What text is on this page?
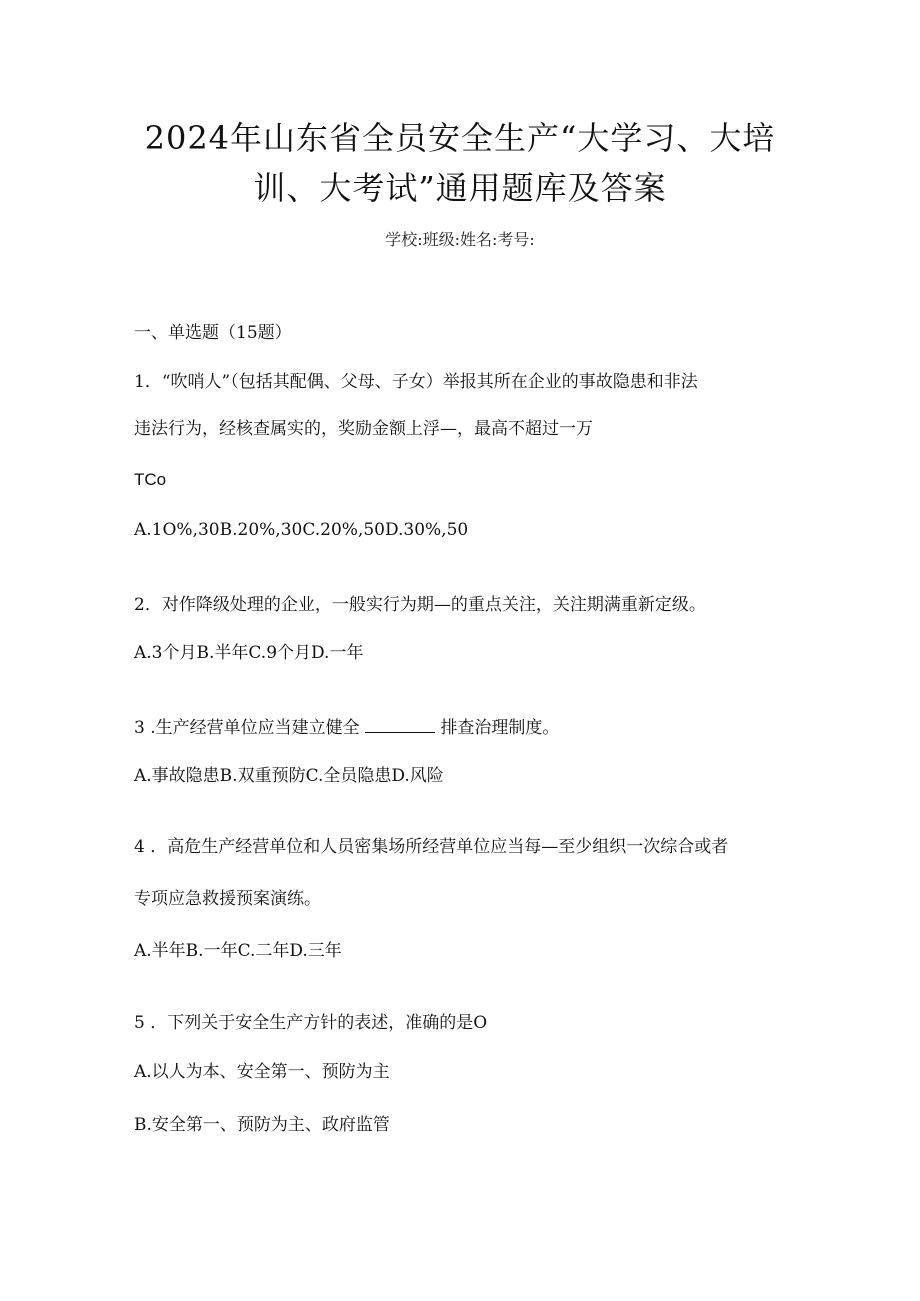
2024年山东省全员安全生产“大学习、大培
训、大考试”通用题库及答案
学校:班级:姓名:考号:
一、单选题（15题）
1．“吹哨人”（包括其配偶、父母、子女）举报其所在企业的事故隐患和非法
违法行为，经核查属实的，奖励金额上浮—，最高不超过一万
TCo
A.1O%,30B.20%,30C.20%,50D.30%,50
2．对作降级处理的企业，一般实行为期—的重点关注，关注期满重新定级。
A.3个月B.半年C.9个月D.一年
3 .生产经营单位应当建立健全	排查治理制度。
A.事故隐患B.双重预防C.全员隐患D.风险
4 ．高危生产经营单位和人员密集场所经营单位应当每—至少组织一次综合或者
专项应急救援预案演练。
A.半年B.一年C.二年D.三年
5 ．下列关于安全生产方针的表述，准确的是O
A.以人为本、安全第一、预防为主
B.安全第一、预防为主、政府监管
